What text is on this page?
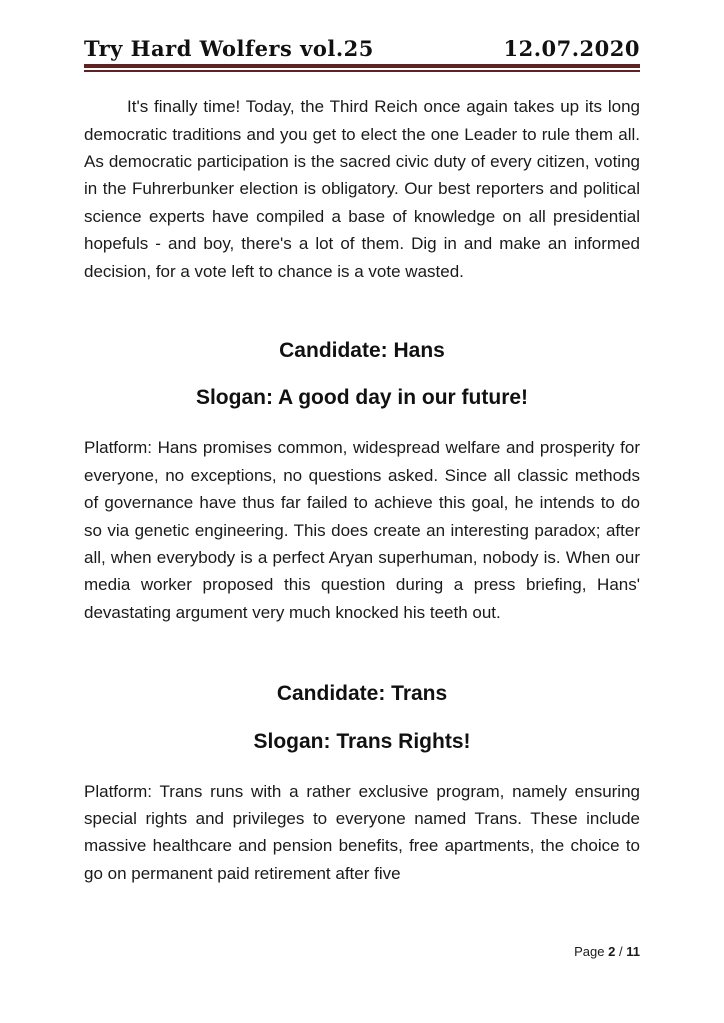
Try Hard Wolfers vol.25	12.07.2020

It's finally time! Today, the Third Reich once again takes up its long democratic traditions and you get to elect the one Leader to rule them all. As democratic participation is the sacred civic duty of every citizen, voting in the Fuhrerbunker election is obligatory. Our best reporters and political science experts have compiled a base of knowledge on all presidential hopefuls - and boy, there's a lot of them. Dig in and make an informed decision, for a vote left to chance is a vote wasted.

Candidate: Hans
Slogan: A good day in our future!

Platform: Hans promises common, widespread welfare and prosperity for everyone, no exceptions, no questions asked. Since all classic methods of governance have thus far failed to achieve this goal, he intends to do so via genetic engineering. This does create an interesting paradox; after all, when everybody is a perfect Aryan superhuman, nobody is. When our media worker proposed this question during a press briefing, Hans' devastating argument very much knocked his teeth out.

Candidate: Trans
Slogan: Trans Rights!

Platform: Trans runs with a rather exclusive program, namely ensuring special rights and privileges to everyone named Trans. These include massive healthcare and pension benefits, free apartments, the choice to go on permanent paid retirement after five

Page 2 / 11
